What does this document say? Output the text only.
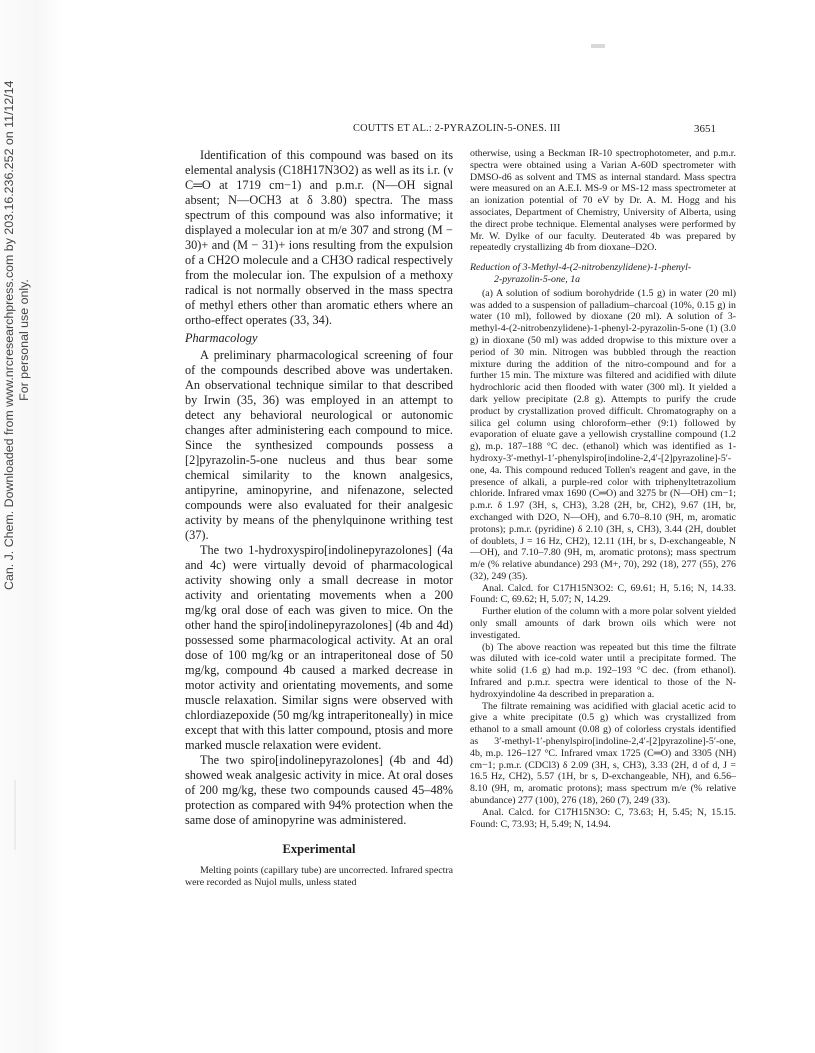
Can. J. Chem. Downloaded from www.nrcresearchpress.com by 203.16.236.252 on 11/12/14 For personal use only.
COUTTS ET AL.: 2-PYRAZOLIN-5-ONES. III	3651

Identification of this compound was based on its elemental analysis (C18H17N3O2) as well as its i.r. (ν C═O at 1719 cm−1) and p.m.r. (N—OH signal absent; N—OCH3 at δ 3.80) spectra. The mass spectrum of this compound was also informative; it displayed a molecular ion at m/e 307 and strong (M − 30)+ and (M − 31)+ ions resulting from the expulsion of a CH2O molecule and a CH3O radical respectively from the molecular ion. The expulsion of a methoxy radical is not normally observed in the mass spectra of methyl ethers other than aromatic ethers where an ortho-effect operates (33, 34).

Pharmacology

A preliminary pharmacological screening of four of the compounds described above was undertaken. An observational technique similar to that described by Irwin (35, 36) was employed in an attempt to detect any behavioral neurological or autonomic changes after administering each compound to mice. Since the synthesized compounds possess a [2]pyrazolin-5-one nucleus and thus bear some chemical similarity to the known analgesics, antipyrine, aminopyrine, and nifenazone, selected compounds were also evaluated for their analgesic activity by means of the phenylquinone writhing test (37).

The two 1-hydroxyspiro[indolinepyrazolones] (4a and 4c) were virtually devoid of pharmacological activity showing only a small decrease in motor activity and orientating movements when a 200 mg/kg oral dose of each was given to mice. On the other hand the spiro[indolinepyrazolones] (4b and 4d) possessed some pharmacological activity. At an oral dose of 100 mg/kg or an intraperitoneal dose of 50 mg/kg, compound 4b caused a marked decrease in motor activity and orientating movements, and some muscle relaxation. Similar signs were observed with chlordiazepoxide (50 mg/kg intraperitoneally) in mice except that with this latter compound, ptosis and more marked muscle relaxation were evident.

The two spiro[indolinepyrazolones] (4b and 4d) showed weak analgesic activity in mice. At oral doses of 200 mg/kg, these two compounds caused 45–48% protection as compared with 94% protection when the same dose of aminopyrine was administered.

Experimental

Melting points (capillary tube) are uncorrected. Infrared spectra were recorded as Nujol mulls, unless stated

otherwise, using a Beckman IR-10 spectrophotometer, and p.m.r. spectra were obtained using a Varian A-60D spectrometer with DMSO-d6 as solvent and TMS as internal standard. Mass spectra were measured on an A.E.I. MS-9 or MS-12 mass spectrometer at an ionization potential of 70 eV by Dr. A. M. Hogg and his associates, Department of Chemistry, University of Alberta, using the direct probe technique. Elemental analyses were performed by Mr. W. Dylke of our faculty. Deuterated 4b was prepared by repeatedly crystallizing 4b from dioxane–D2O.

Reduction of 3-Methyl-4-(2-nitrobenzylidene)-1-phenyl-
2-pyrazolin-5-one, 1a

(a) A solution of sodium borohydride (1.5 g) in water (20 ml) was added to a suspension of palladium–charcoal (10%, 0.15 g) in water (10 ml), followed by dioxane (20 ml). A solution of 3-methyl-4-(2-nitrobenzylidene)-1-phenyl-2-pyrazolin-5-one (1) (3.0 g) in dioxane (50 ml) was added dropwise to this mixture over a period of 30 min. Nitrogen was bubbled through the reaction mixture during the addition of the nitro-compound and for a further 15 min. The mixture was filtered and acidified with dilute hydrochloric acid then flooded with water (300 ml). It yielded a dark yellow precipitate (2.8 g). Attempts to purify the crude product by crystallization proved difficult. Chromatography on a silica gel column using chloroform–ether (9:1) followed by evaporation of eluate gave a yellowish crystalline compound (1.2 g), m.p. 187–188 °C dec. (ethanol) which was identified as 1-hydroxy-3′-methyl-1′-phenylspiro[indoline-2,4′-[2]pyrazoline]-5′-one, 4a. This compound reduced Tollen's reagent and gave, in the presence of alkali, a purple-red color with triphenyltetrazolium chloride. Infrared νmax 1690 (C═O) and 3275 br (N—OH) cm−1; p.m.r. δ 1.97 (3H, s, CH3), 3.28 (2H, br, CH2), 9.67 (1H, br, exchanged with D2O, N—OH), and 6.70–8.10 (9H, m, aromatic protons); p.m.r. (pyridine) δ 2.10 (3H, s, CH3), 3.44 (2H, doublet of doublets, J = 16 Hz, CH2), 12.11 (1H, br s, D-exchangeable, N—OH), and 7.10–7.80 (9H, m, aromatic protons); mass spectrum m/e (% relative abundance) 293 (M+, 70), 292 (18), 277 (55), 276 (32), 249 (35).

Anal. Calcd. for C17H15N3O2: C, 69.61; H, 5.16; N, 14.33. Found: C, 69.62; H, 5.07; N, 14.29.

Further elution of the column with a more polar solvent yielded only small amounts of dark brown oils which were not investigated.

(b) The above reaction was repeated but this time the filtrate was diluted with ice-cold water until a precipitate formed. The white solid (1.6 g) had m.p. 192–193 °C dec. (from ethanol). Infrared and p.m.r. spectra were identical to those of the N-hydroxyindoline 4a described in preparation a.

The filtrate remaining was acidified with glacial acetic acid to give a white precipitate (0.5 g) which was crystallized from ethanol to a small amount (0.08 g) of colorless crystals identified as 3′-methyl-1′-phenylspiro[indoline-2,4′-[2]pyrazoline]-5′-one, 4b, m.p. 126–127 °C. Infrared νmax 1725 (C═O) and 3305 (NH) cm−1; p.m.r. (CDCl3) δ 2.09 (3H, s, CH3), 3.33 (2H, d of d, J = 16.5 Hz, CH2), 5.57 (1H, br s, D-exchangeable, NH), and 6.56–8.10 (9H, m, aromatic protons); mass spectrum m/e (% relative abundance) 277 (100), 276 (18), 260 (7), 249 (33).

Anal. Calcd. for C17H15N3O: C, 73.63; H, 5.45; N, 15.15. Found: C, 73.93; H, 5.49; N, 14.94.
